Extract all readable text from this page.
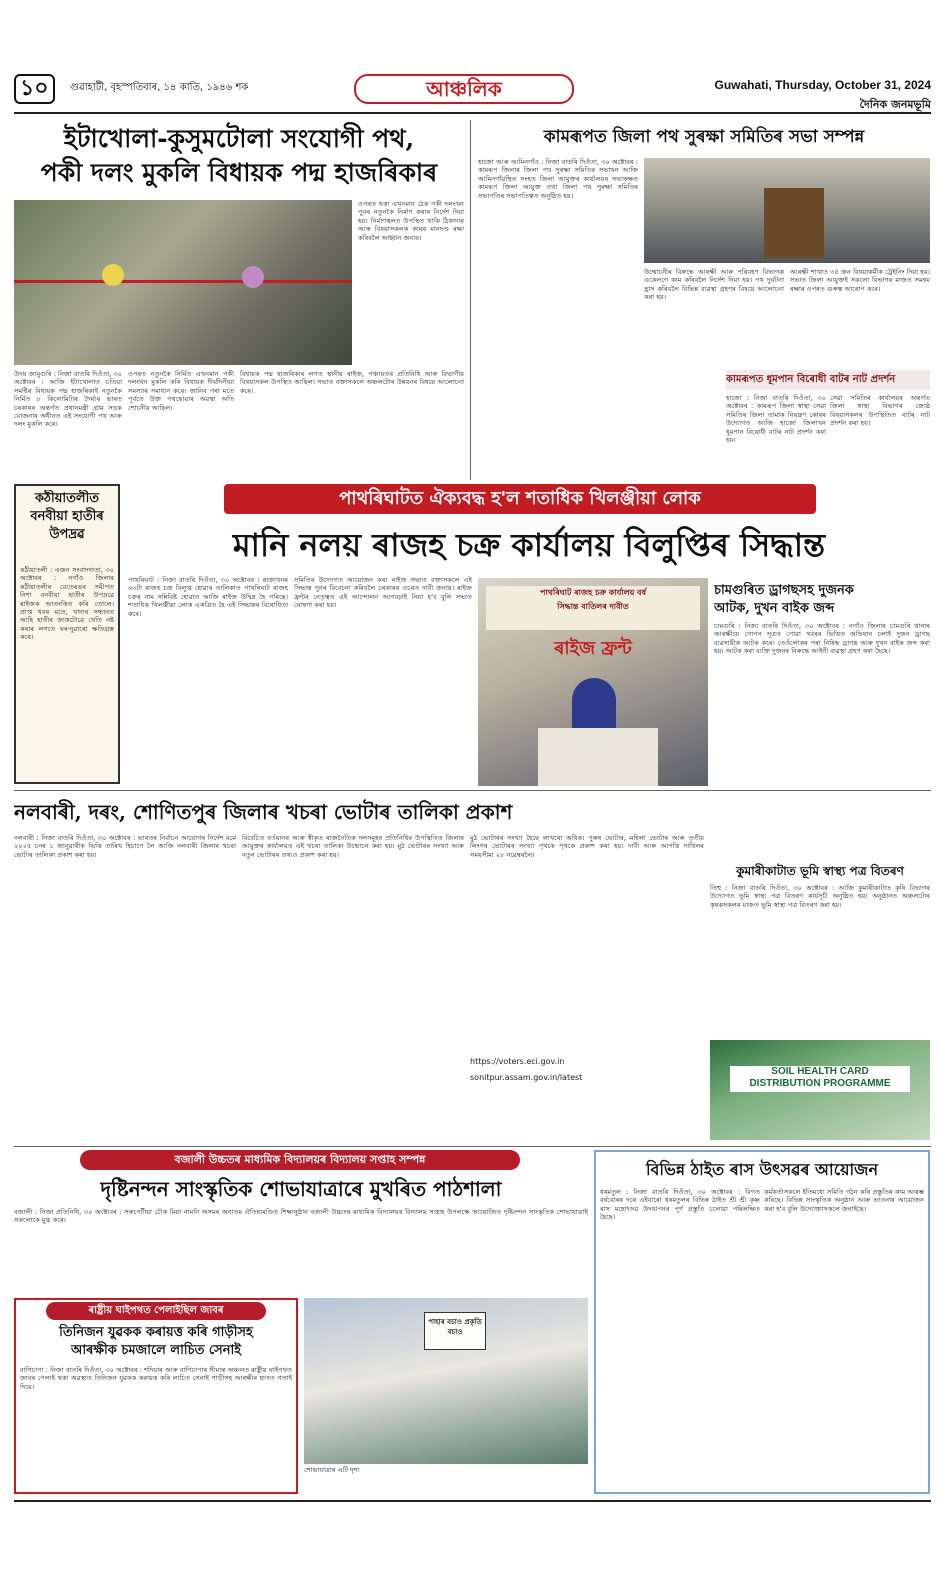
১০	গুৱাহাটী, বৃহস্পতিবাৰ, ১৪ কাতি, ১৯৪৬ শক	আঞ্চলিক	Guwahati, Thursday, October 31, 2024
দৈনিক জনমভূমি
ইটাখোলা-কুসুমটোলা সংযোগী পথ,
পকী দলং মুকলি বিধায়ক পদ্ম হাজৰিকাৰ
ওপৰত থকা এখনমান ঠেক পকী দলংখন পুনৰ নতুনকৈ নিৰ্মাণ কৰাৰ নিৰ্দেশ দিয়া হয়। নিৰ্মাণস্থলত উপস্থিত থাকি ঠিকাদাৰ আৰু বিষয়াসকলক কামৰ মানদণ্ড ৰক্ষা কৰিবলৈ আহ্বান জনায়।
উদয় জামুগুৰি : নিজা বাতৰি দিওঁতা, ৩০ অক্টোবৰ : আজি ইটাখোলাত চতিয়া সমষ্টিৰ বিধায়ক পদ্ম হাজৰিকাই নতুনকৈ নিৰ্মিত ৮ কিলোমিটাৰ দৈৰ্ঘ্যৰ ভাৰত চৰকাৰৰ অন্তৰ্গত প্ৰধানমন্ত্ৰী গ্ৰাম সড়ক যোজনাৰ অধীনত এই সংযোগী পথ আৰু দলং মুকলি কৰে।
ওপৰত নতুনকৈ নিৰ্মিত এখনমান পকী দলংখন মুকলি কৰি বিধায়ক দীৰ্ঘদিনীয়া সমস্যাৰ সমাধান কৰে। জানিব পৰা মতে পূৰ্বতে উক্ত পথছোৱাৰ অৱস্থা অতি শোচনীয় আছিল।
বিধায়ক পদ্ম হাজৰিকাৰ লগত স্থানীয় ৰাইজ, পঞ্চায়তৰ প্ৰতিনিধি আৰু বিভাগীয় বিষয়াসকল উপস্থিত আছিল। সভাত বক্তাসকলে অঞ্চলটোৰ উন্নয়নৰ বিষয়ে আলোচনা কৰে।
কামৰূপত জিলা পথ সুৰক্ষা সমিতিৰ সভা সম্পন্ন
হাজো আৰু আমিনগাঁও : নিজা বাতৰি দিওঁতা, ৩০ অক্টোবৰ : কামৰূপ জিলাৰ জিলা পথ সুৰক্ষা সমিতিৰ সভাখন আজি আমিনগাঁৱস্থিত সংহত জিলা আয়ুক্তৰ কাৰ্যালয়ৰ সভাকক্ষত কামৰূপ জিলা আয়ুক্ত তথা জিলা পথ সুৰক্ষা সমিতিৰ সভাপতিৰ সভাপতিত্বত অনুষ্ঠিত হয়।
উন্মোচনীৰ বিৰুদ্ধে আৰক্ষী আৰু পৰিবহণ বিভাগক একেলগে কাম কৰিবলৈ নিৰ্দেশ দিয়া হয়। পথ দুৰ্ঘটনা হ্ৰাস কৰিবলৈ বিভিন্ন ব্যৱস্থা গ্ৰহণৰ বিষয়ে আলোচনা কৰা হয়।
আৰক্ষী শাখাত ৩৫ জন বিষয়াকৰ্মীক ট্ৰেইনিং দিয়া হয়। সভাত জিলা আয়ুক্তই সকলো বিভাগৰ মাজত সমন্বয় ৰক্ষাৰ ওপৰত গুৰুত্ব আৰোপ কৰে।
কামৰূপত ধূমপান বিৰোধী বাটৰ নাট প্ৰদৰ্শন
হাজো : নিজা বাতৰি দিওঁতা, ৩০ অক্টোবৰ : কামৰূপ জিলা স্বাস্থ্য সেৱা সমিতিৰ জিলা তামাক নিয়ন্ত্ৰণ কোষৰ উদ্যোগত আজি হাজো জিলাখন ধূমপান বিৰোধী বাটৰ নাট প্ৰদৰ্শন কৰা হয়।
সেৱা সমিতিৰ কাৰ্যালয়ৰ অন্তৰ্গত জিলা স্বাস্থ্য বিভাগৰ জ্যেষ্ঠ বিষয়াসকলৰ উপস্থিতিত বাটৰ নাট প্ৰদৰ্শন কৰা হয়।
কঠীয়াতলীত বনবীয়া হাতীৰ উপদ্ৰৱ
কঠীয়াতলী : এজন সংবাদদাতা, ৩০ অক্টোবৰ : নগাঁও জিলাৰ কঠীয়াতলীৰ বেতেৰঙৰ সমীপত নিশা বনবীয়া হাতীৰ উপদ্ৰৱে ৰাইজক আতংকিত কৰি তোলে। প্ৰাপ্ত খবৰ মতে, খাদ্যৰ সন্ধানত আহি হাতীৰ জাকটোৱে খেতি নষ্ট কৰাৰ লগতে ঘৰ-দুৱাৰো ক্ষতিগ্ৰস্ত কৰে।
পাথৰিঘাটত ঐক্যবদ্ধ হ'ল শতাধিক খিলঞ্জীয়া লোক
মানি নলয় ৰাজহ চক্ৰ কাৰ্যালয় বিলুপ্তিৰ সিদ্ধান্ত
পাথৰিঘাট : নিজা বাতৰি দিওঁতা, ৩০ অক্টোবৰ : ৰাজ্যখনৰ ৬৩টা ৰাজহ চক্ৰ বিলুপ্ত হোৱাৰ তালিকাত পাথৰিঘাট ৰাজহ চক্ৰৰ নাম সন্নিবিষ্ট হোৱাত আজি ৰাইজ উদ্বিগ্ন হৈ পৰিছে। শতাধিক খিলঞ্জীয়া লোক একত্ৰিত হৈ এই সিদ্ধান্তৰ বিৰোধিতা কৰে।
সমিতিৰ উদ্যোগত আয়োজন কৰা ৰাইজ সভাত বক্তাসকলে এই সিদ্ধান্ত পুনৰ বিবেচনা কৰিবলৈ চৰকাৰৰ ওচৰত দাবী জনায়। ৰাইজ ফ্ৰন্টৰ নেতৃত্বত এই আন্দোলন আগবঢ়াই নিয়া হ'ব বুলি সভাত ঘোষণা কৰা হয়।
পাথৰিঘাট ৰাজহ চক্ৰ কাৰ্যালয় বৰ্ষ
সিদ্ধান্ত বাতিলৰ দাবীত
ৰাইজ ফ্ৰন্ট
চামগুৰিত ড্ৰাগছসহ দুজনক
আটক, দুখন বাইক জব্দ
চামগুৰি : নিজা বাতৰি দিওঁতা, ৩০ অক্টোবৰ : নগাঁও জিলাৰ চামগুৰি থানাৰ আৰক্ষীয়ে গোপন সূত্ৰত পোৱা খবৰৰ ভিত্তিত অভিযান চলাই দুজন ড্ৰাগছ ব্যৱসায়ীক আটক কৰে। তেওঁলোকৰ পৰা নিষিদ্ধ ড্ৰাগছ আৰু দুখন বাইক জব্দ কৰা হয়। আটক কৰা ব্যক্তি দুজনৰ বিৰুদ্ধে আইনী ব্যৱস্থা গ্ৰহণ কৰা হৈছে।
নলবাৰী, দৰং, শোণিতপুৰ জিলাৰ খচৰা ভোটাৰ তালিকা প্ৰকাশ
নলবাৰী : নিজা বাতৰি দিওঁতা, ৩০ অক্টোবৰ : ভাৰতৰ নিৰ্বাচন আয়োগৰ নিৰ্দেশ মৰ্মে ২০২৫ চনৰ ১ জানুৱাৰীক ভিত্তি তাৰিখ হিচাপে লৈ আজি নলবাৰী জিলাৰ খচৰা ভোটাৰ তালিকা প্ৰকাশ কৰা হয়।
বিবেচিত বৰ্তমানৰ আৰু স্বীকৃত ৰাজনৈতিক দলসমূহৰ প্ৰতিনিধিৰ উপস্থিতিত জিলাৰ আয়ুক্তৰ কাৰ্যালয়ত এই খচৰা তালিকা উন্মোচন কৰা হয়। মুঠ ভোটাৰৰ সংখ্যা আৰু নতুন ভোটাৰৰ তথ্যও প্ৰকাশ কৰা হয়।
মুঠ ভোটাৰৰ সংখ্যা হৈছে লাখৰো অধিক। পুৰুষ ভোটাৰ, মহিলা ভোটাৰ আৰু তৃতীয় লিংগৰ ভোটাৰৰ সংখ্যা পৃথকে পৃথকে প্ৰকাশ কৰা হয়। দাবী আৰু আপত্তি দাখিলৰ সময়সীমা ২৮ নৱেম্বৰলৈ।
https://voters.eci.gov.in
sonitpur.assam.gov.in/latest
কুমাৰীকাটাত ভূমি স্বাস্থ্য পত্ৰ বিতৰণ
তিহু : নিজা বাতৰি দিওঁতা, ৩০ অক্টোবৰ : আজি কুমাৰীকাটাত কৃষি বিভাগৰ উদ্যোগত ভূমি স্বাস্থ্য পত্ৰ বিতৰণ কাৰ্যসূচী অনুষ্ঠিত হয়। অনুষ্ঠানত অঞ্চলটোৰ কৃষকসকলৰ মাজত ভূমি স্বাস্থ্য পত্ৰ বিতৰণ কৰা হয়।
SOIL HEALTH CARD
DISTRIBUTION PROGRAMME
বজালী উচ্চতৰ মাধ্যমিক বিদ্যালয়ৰ বিদ্যালয় সপ্তাহ সম্পন্ন
দৃষ্টিনন্দন সাংস্কৃতিক শোভাযাত্ৰাৰে মুখৰিত পাঠশালা
বজালী : নিজা প্ৰতিনিধি, ৩০ অক্টোবৰ : সৰুপেটীয়া চৌক মিয়া নামনি অসমৰ অন্যতম ঐতিহ্যমণ্ডিত শিক্ষানুষ্ঠান বজালী উচ্চতৰ মাধ্যমিক বিদ্যালয়ৰ বিদ্যালয় সপ্তাহ উপলক্ষে আয়োজিত দৃষ্টিনন্দন সাংস্কৃতিক শোভাযাত্ৰাই সকলোকে মুগ্ধ কৰে।
পাহাৰ বচাও প্ৰকৃতি বচাও
শোভাযাত্ৰাৰ এটি দৃশ্য
ৰাষ্ট্ৰীয় ঘাইপথত পেলাইছিল জাবৰ
তিনিজন যুৱকক কৰায়ত্ত কৰি গাড়ীসহ
আৰক্ষীক চমজালে লাচিত সেনাই
বাগিচাপা : নিজা বাতৰি দিওঁতা, ৩০ অক্টোবৰ : শদিয়াৰ আৰু বাগিচাপাৰ সীমান্ত অঞ্চলত ৰাষ্ট্ৰীয় ঘাইপথত জাবৰ পেলাই থকা অৱস্থাত তিনিজন যুৱকক কৰায়ত্ত কৰি লাচিত সেনাই গাড়ীসহ আৰক্ষীৰ হাতত গতাই দিয়ে।
বিভিন্ন ঠাইত ৰাস উৎসৱৰ আয়োজন
ধৰমতুল : নিজা বাতৰি দিওঁতা, ৩০ অক্টোবৰ : বিগত বৰ্ষবোৰৰ দৰে এইবাৰো ধৰমতুলৰ বিভিন্ন ঠাইত শ্ৰী শ্ৰী কৃষ্ণ ৰাস মহোৎসৱ উদযাপনৰ পূৰ্ণ প্ৰস্তুতি চলোৱা পৰিলক্ষিত হৈছে।
কৰ্মকৰ্তাসকলে ইতিমধ্যে সমিতি গঠন কৰি প্ৰস্তুতিৰ কাম আৰম্ভ কৰিছে। বিভিন্ন সাংস্কৃতিক অনুষ্ঠান আৰু ভাওনাৰ আয়োজন কৰা হ'ব বুলি উদ্যোক্তাসকলে জনাইছে।
